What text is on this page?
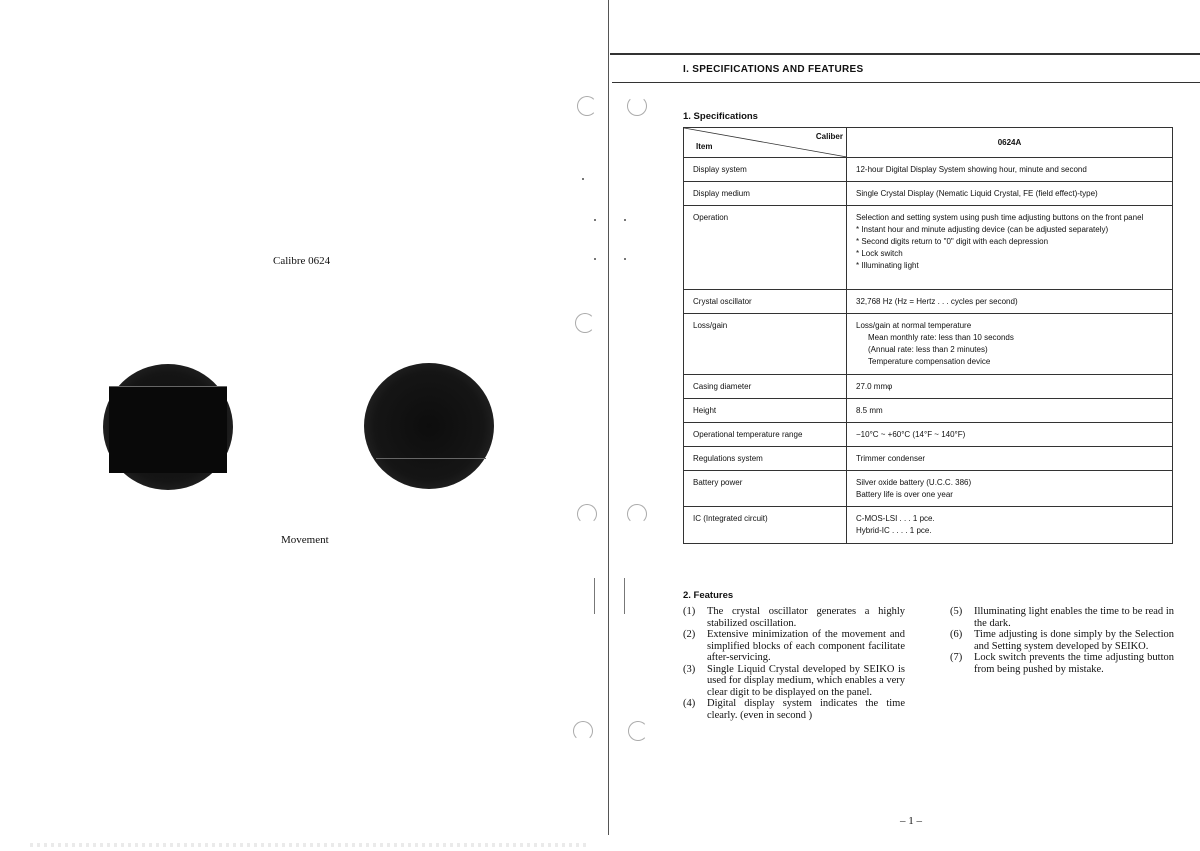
Calibre 0624
Movement
I. SPECIFICATIONS AND FEATURES
1. Specifications
Caliber
Item	0624A
Display system	12-hour Digital Display System showing hour, minute and second
Display medium	Single Crystal Display (Nematic Liquid Crystal, FE (field effect)-type)
Operation	Selection and setting system using push time adjusting buttons on the front panel
* Instant hour and minute adjusting device (can be adjusted separately)
* Second digits return to "0" digit with each depression
* Lock switch
* Illuminating light

Crystal oscillator	32,768 Hz (Hz = Hertz . . . cycles per second)
Loss/gain	Loss/gain at normal temperature
Mean monthly rate: less than 10 seconds
(Annual rate: less than 2 minutes)
Temperature compensation device

Casing diameter	27.0 mmφ
Height	8.5 mm
Operational temperature range	−10°C ~ +60°C (14°F ~ 140°F)
Regulations system	Trimmer condenser
Battery power	Silver oxide battery (U.C.C. 386)
Battery life is over one year

IC (Integrated circuit)	C-MOS-LSI . . . 1 pce.
Hybrid-IC . . . . 1 pce.
2. Features
(1)	The crystal oscillator generates a highly stabilized oscillation.
(2)	Extensive minimization of the movement and simplified blocks of each component facilitate after-servicing.
(3)	Single Liquid Crystal developed by SEIKO is used for display medium, which enables a very clear digit to be displayed on the panel.
(4)	Digital display system indicates the time clearly. (even in second )
(5)	Illuminating light enables the time to be read in the dark.
(6)	Time adjusting is done simply by the Selection and Setting system developed by SEIKO.
(7)	Lock switch prevents the time adjusting button from being pushed by mistake.
– 1 –
